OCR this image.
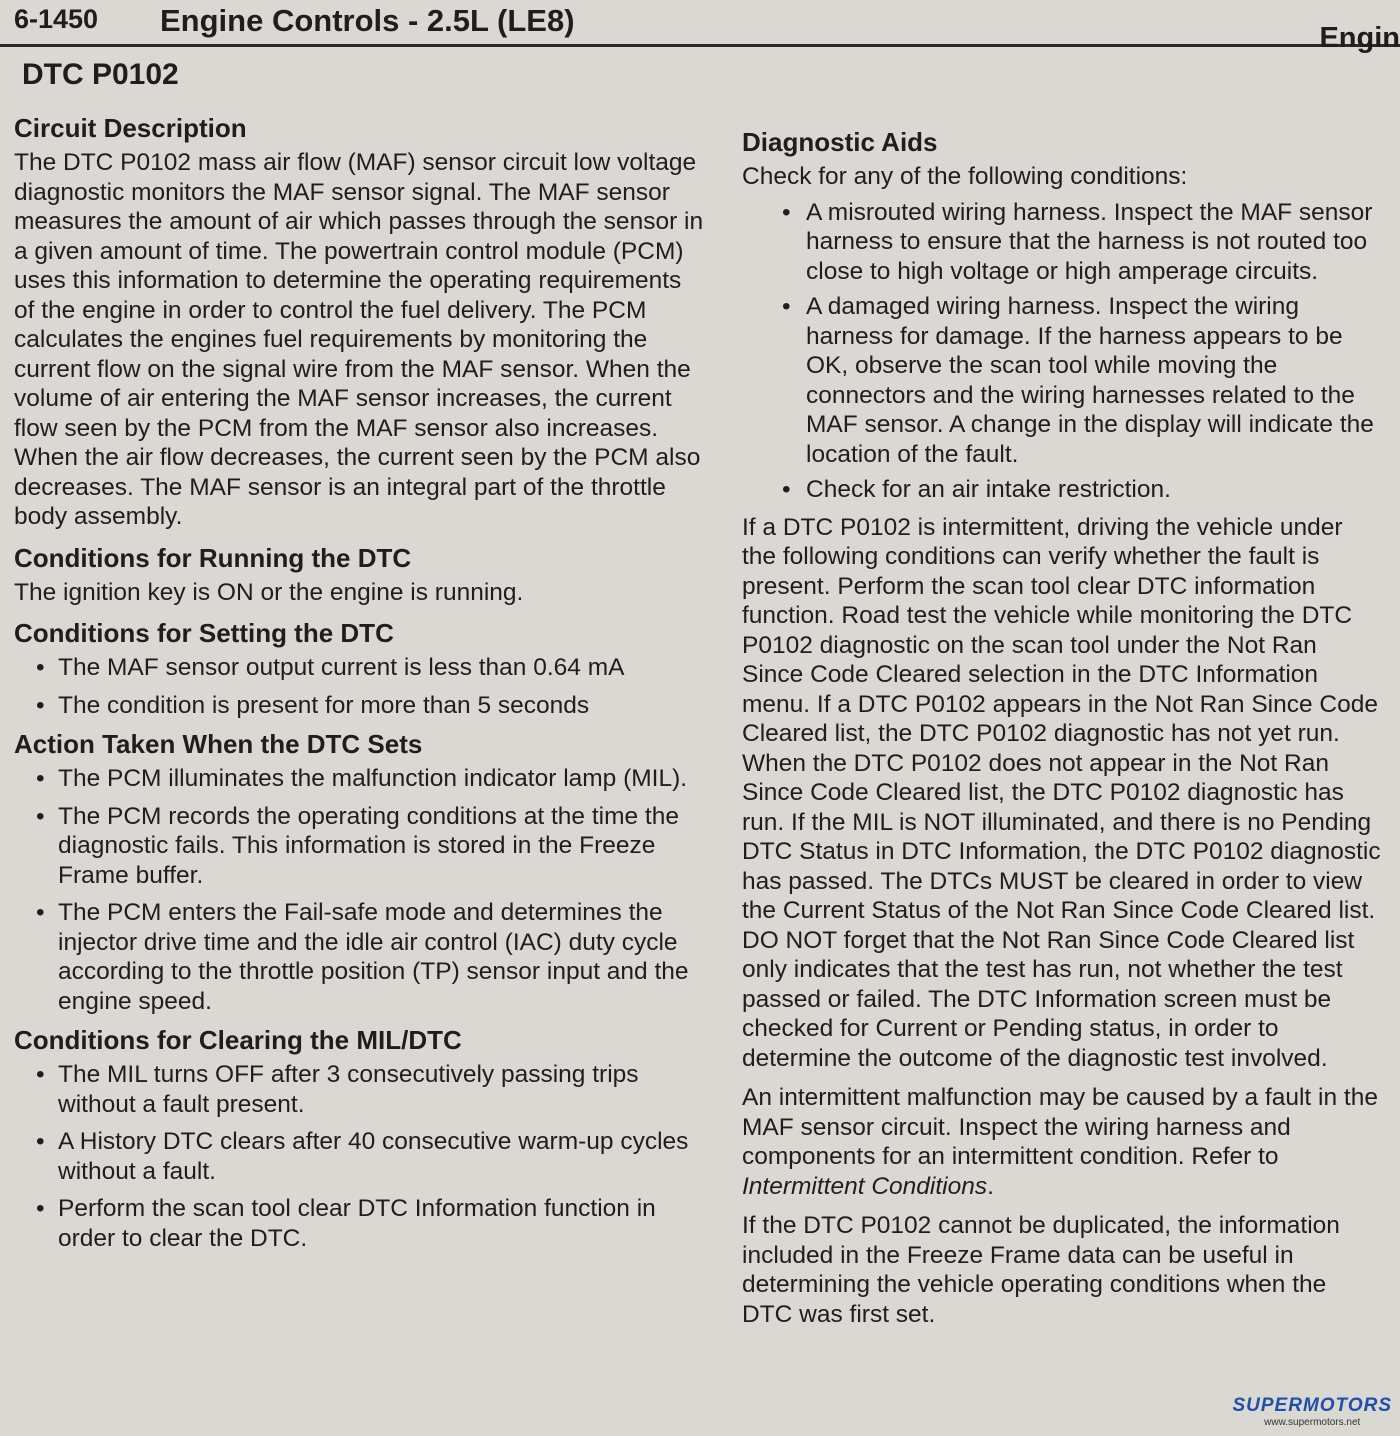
6-1450 Engine Controls - 2.5L (LE8)	Engin
DTC P0102
Circuit Description

The DTC P0102 mass air flow (MAF) sensor circuit low voltage diagnostic monitors the MAF sensor signal. The MAF sensor measures the amount of air which passes through the sensor in a given amount of time. The powertrain control module (PCM) uses this information to determine the operating requirements of the engine in order to control the fuel delivery. The PCM calculates the engines fuel requirements by monitoring the current flow on the signal wire from the MAF sensor. When the volume of air entering the MAF sensor increases, the current flow seen by the PCM from the MAF sensor also increases. When the air flow decreases, the current seen by the PCM also decreases. The MAF sensor is an integral part of the throttle body assembly.

Conditions for Running the DTC

The ignition key is ON or the engine is running.

Conditions for Setting the DTC
• The MAF sensor output current is less than 0.64 mA
• The condition is present for more than 5 seconds
Action Taken When the DTC Sets
• The PCM illuminates the malfunction indicator lamp (MIL).
• The PCM records the operating conditions at the time the diagnostic fails. This information is stored in the Freeze Frame buffer.
• The PCM enters the Fail-safe mode and determines the injector drive time and the idle air control (IAC) duty cycle according to the throttle position (TP) sensor input and the engine speed.
Conditions for Clearing the MIL/DTC
• The MIL turns OFF after 3 consecutively passing trips without a fault present.
• A History DTC clears after 40 consecutive warm-up cycles without a fault.
• Perform the scan tool clear DTC Information function in order to clear the DTC.
Diagnostic Aids

Check for any of the following conditions:

• A misrouted wiring harness. Inspect the MAF sensor harness to ensure that the harness is not routed too close to high voltage or high amperage circuits.
• A damaged wiring harness. Inspect the wiring harness for damage. If the harness appears to be OK, observe the scan tool while moving the connectors and the wiring harnesses related to the MAF sensor. A change in the display will indicate the location of the fault.
• Check for an air intake restriction.

If a DTC P0102 is intermittent, driving the vehicle under the following conditions can verify whether the fault is present. Perform the scan tool clear DTC information function. Road test the vehicle while monitoring the DTC P0102 diagnostic on the scan tool under the Not Ran Since Code Cleared selection in the DTC Information menu. If a DTC P0102 appears in the Not Ran Since Code Cleared list, the DTC P0102 diagnostic has not yet run. When the DTC P0102 does not appear in the Not Ran Since Code Cleared list, the DTC P0102 diagnostic has run. If the MIL is NOT illuminated, and there is no Pending DTC Status in DTC Information, the DTC P0102 diagnostic has passed. The DTCs MUST be cleared in order to view the Current Status of the Not Ran Since Code Cleared list. DO NOT forget that the Not Ran Since Code Cleared list only indicates that the test has run, not whether the test passed or failed. The DTC Information screen must be checked for Current or Pending status, in order to determine the outcome of the diagnostic test involved.

An intermittent malfunction may be caused by a fault in the MAF sensor circuit. Inspect the wiring harness and components for an intermittent condition. Refer to Intermittent Conditions.

If the DTC P0102 cannot be duplicated, the information included in the Freeze Frame data can be useful in determining the vehicle operating conditions when the DTC was first set.

SUPERMOTORS
www.supermotors.net
